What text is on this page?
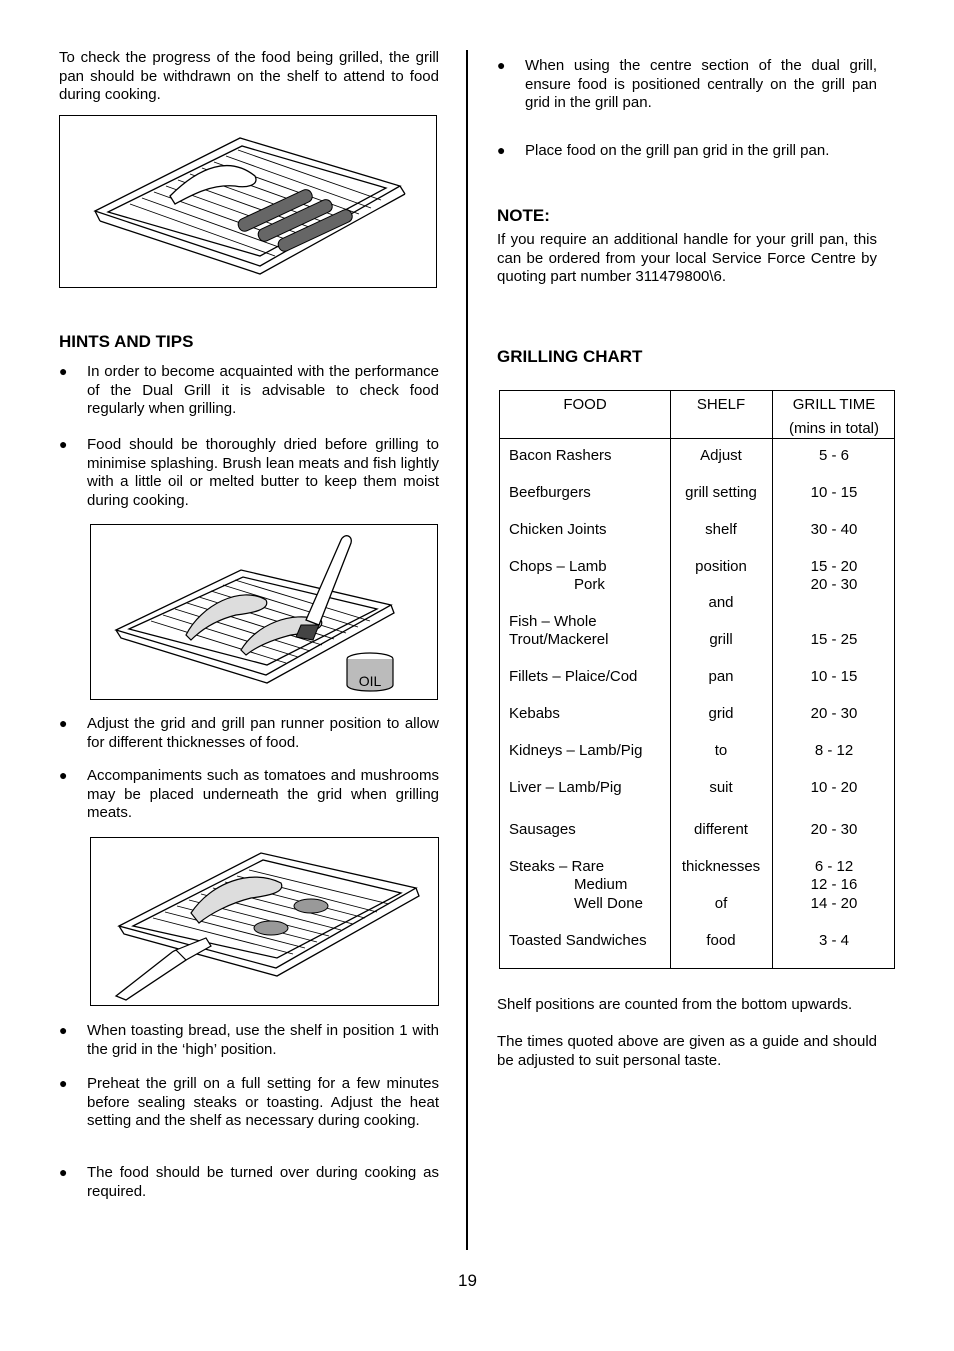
To check the progress of the food being grilled, the grill pan should be withdrawn on the shelf to attend to food during cooking.
HINTS AND TIPS
● In order to become acquainted with the performance of the Dual Grill it is advisable to check food regularly when grilling.
● Food should be thoroughly dried before grilling to minimise splashing. Brush lean meats and fish lightly with a little oil or melted butter to keep them moist during cooking.
OIL
● Adjust the grid and grill pan runner position to allow for different thicknesses of food.
● Accompaniments such as tomatoes and mushrooms may be placed underneath the grid when grilling meats.
● When toasting bread, use the shelf in position 1 with the grid in the ‘high’ position.
● Preheat the grill on a full setting for a few minutes before sealing steaks or toasting. Adjust the heat setting and the shelf as necessary during cooking.
● The food should be turned over during cooking as required.
● When using the centre section of the dual grill, ensure food is positioned centrally on the grill pan grid in the grill pan.
● Place food on the grill pan grid in the grill pan.
NOTE:
If you require an additional handle for your grill pan, this can be ordered from your local Service Force Centre by quoting part number 311479800\6.
GRILLING CHART
FOOD	SHELF	GRILL TIME
(mins in total)
Bacon Rashers
Beefburgers
Chicken Joints
Chops – Lamb
Pork
Fish – Whole
Trout/Mackerel
Fillets – Plaice/Cod
Kebabs
Kidneys – Lamb/Pig
Liver – Lamb/Pig
Sausages
Steaks – Rare
Medium
Well Done
Toasted Sandwiches
Adjust
grill setting
shelf
position
and
grill
pan
grid
to
suit
different
thicknesses
of
food
5 - 6
10 - 15
30 - 40
15 - 20
20 - 30
15 - 25
10 - 15
20 - 30
8 - 12
10 - 20
20 - 30
6 - 12
12 - 16
14 - 20
3 - 4
Shelf positions are counted from the bottom upwards.
The times quoted above are given as a guide and should be adjusted to suit personal taste.
19
